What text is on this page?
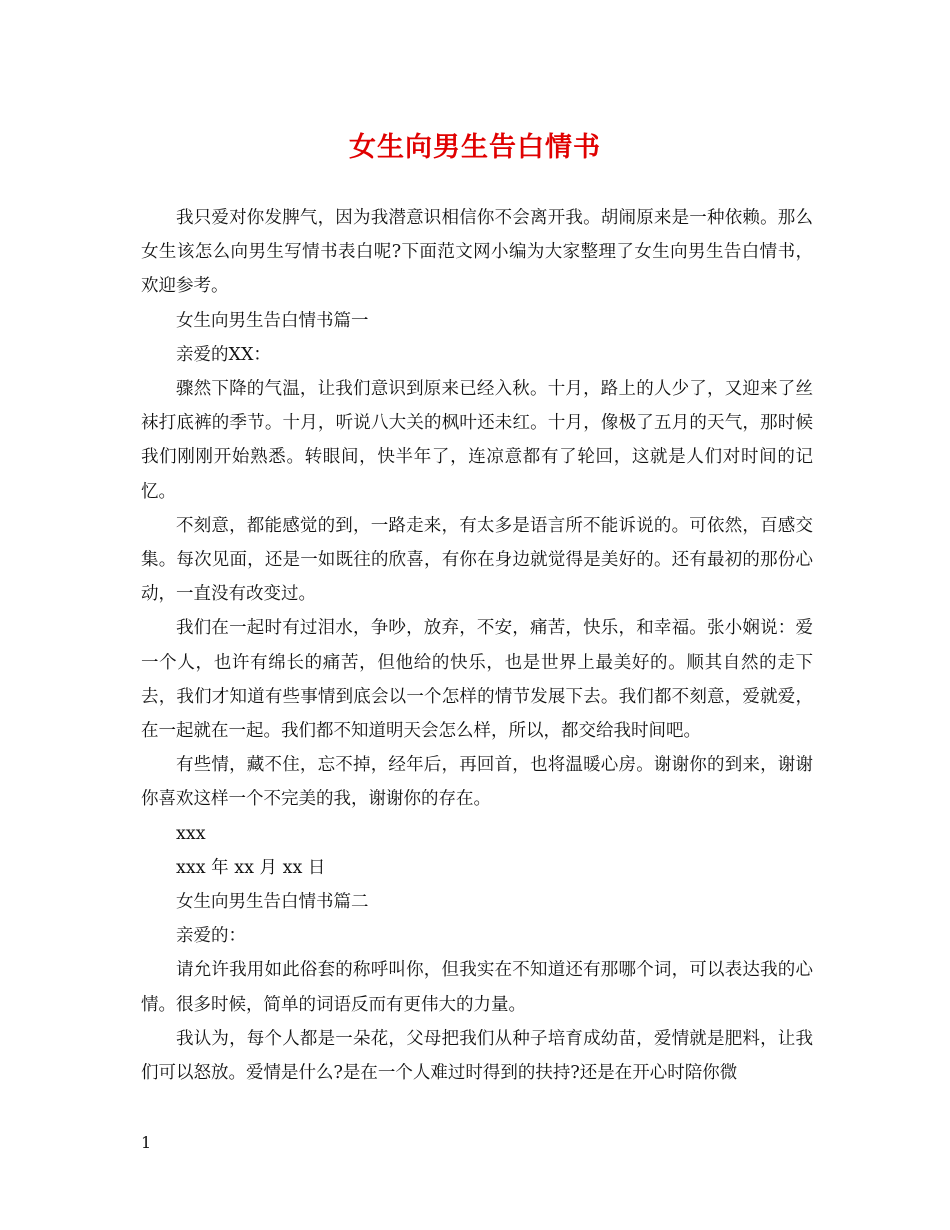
女生向男生告白情书

我只爱对你发脾气，因为我潜意识相信你不会离开我。胡闹原来是一种依赖。那么女生该怎么向男生写情书表白呢?下面范文网小编为大家整理了女生向男生告白情书，欢迎参考。

女生向男生告白情书篇一

亲爱的XX：

骤然下降的气温，让我们意识到原来已经入秋。十月，路上的人少了，又迎来了丝袜打底裤的季节。十月，听说八大关的枫叶还未红。十月，像极了五月的天气，那时候我们刚刚开始熟悉。转眼间，快半年了，连凉意都有了轮回，这就是人们对时间的记忆。

不刻意，都能感觉的到，一路走来，有太多是语言所不能诉说的。可依然，百感交集。每次见面，还是一如既往的欣喜，有你在身边就觉得是美好的。还有最初的那份心动，一直没有改变过。

我们在一起时有过泪水，争吵，放弃，不安，痛苦，快乐，和幸福。张小娴说：爱一个人，也许有绵长的痛苦，但他给的快乐，也是世界上最美好的。顺其自然的走下去，我们才知道有些事情到底会以一个怎样的情节发展下去。我们都不刻意，爱就爱，在一起就在一起。我们都不知道明天会怎么样，所以，都交给我时间吧。

有些情，藏不住，忘不掉，经年后，再回首，也将温暖心房。谢谢你的到来，谢谢你喜欢这样一个不完美的我，谢谢你的存在。

xxx

xxx 年 xx 月 xx 日

女生向男生告白情书篇二

亲爱的：

请允许我用如此俗套的称呼叫你，但我实在不知道还有那哪个词，可以表达我的心情。很多时候，简单的词语反而有更伟大的力量。

我认为，每个人都是一朵花，父母把我们从种子培育成幼苗，爱情就是肥料，让我们可以怒放。爱情是什么?是在一个人难过时得到的扶持?还是在开心时陪你微

1
